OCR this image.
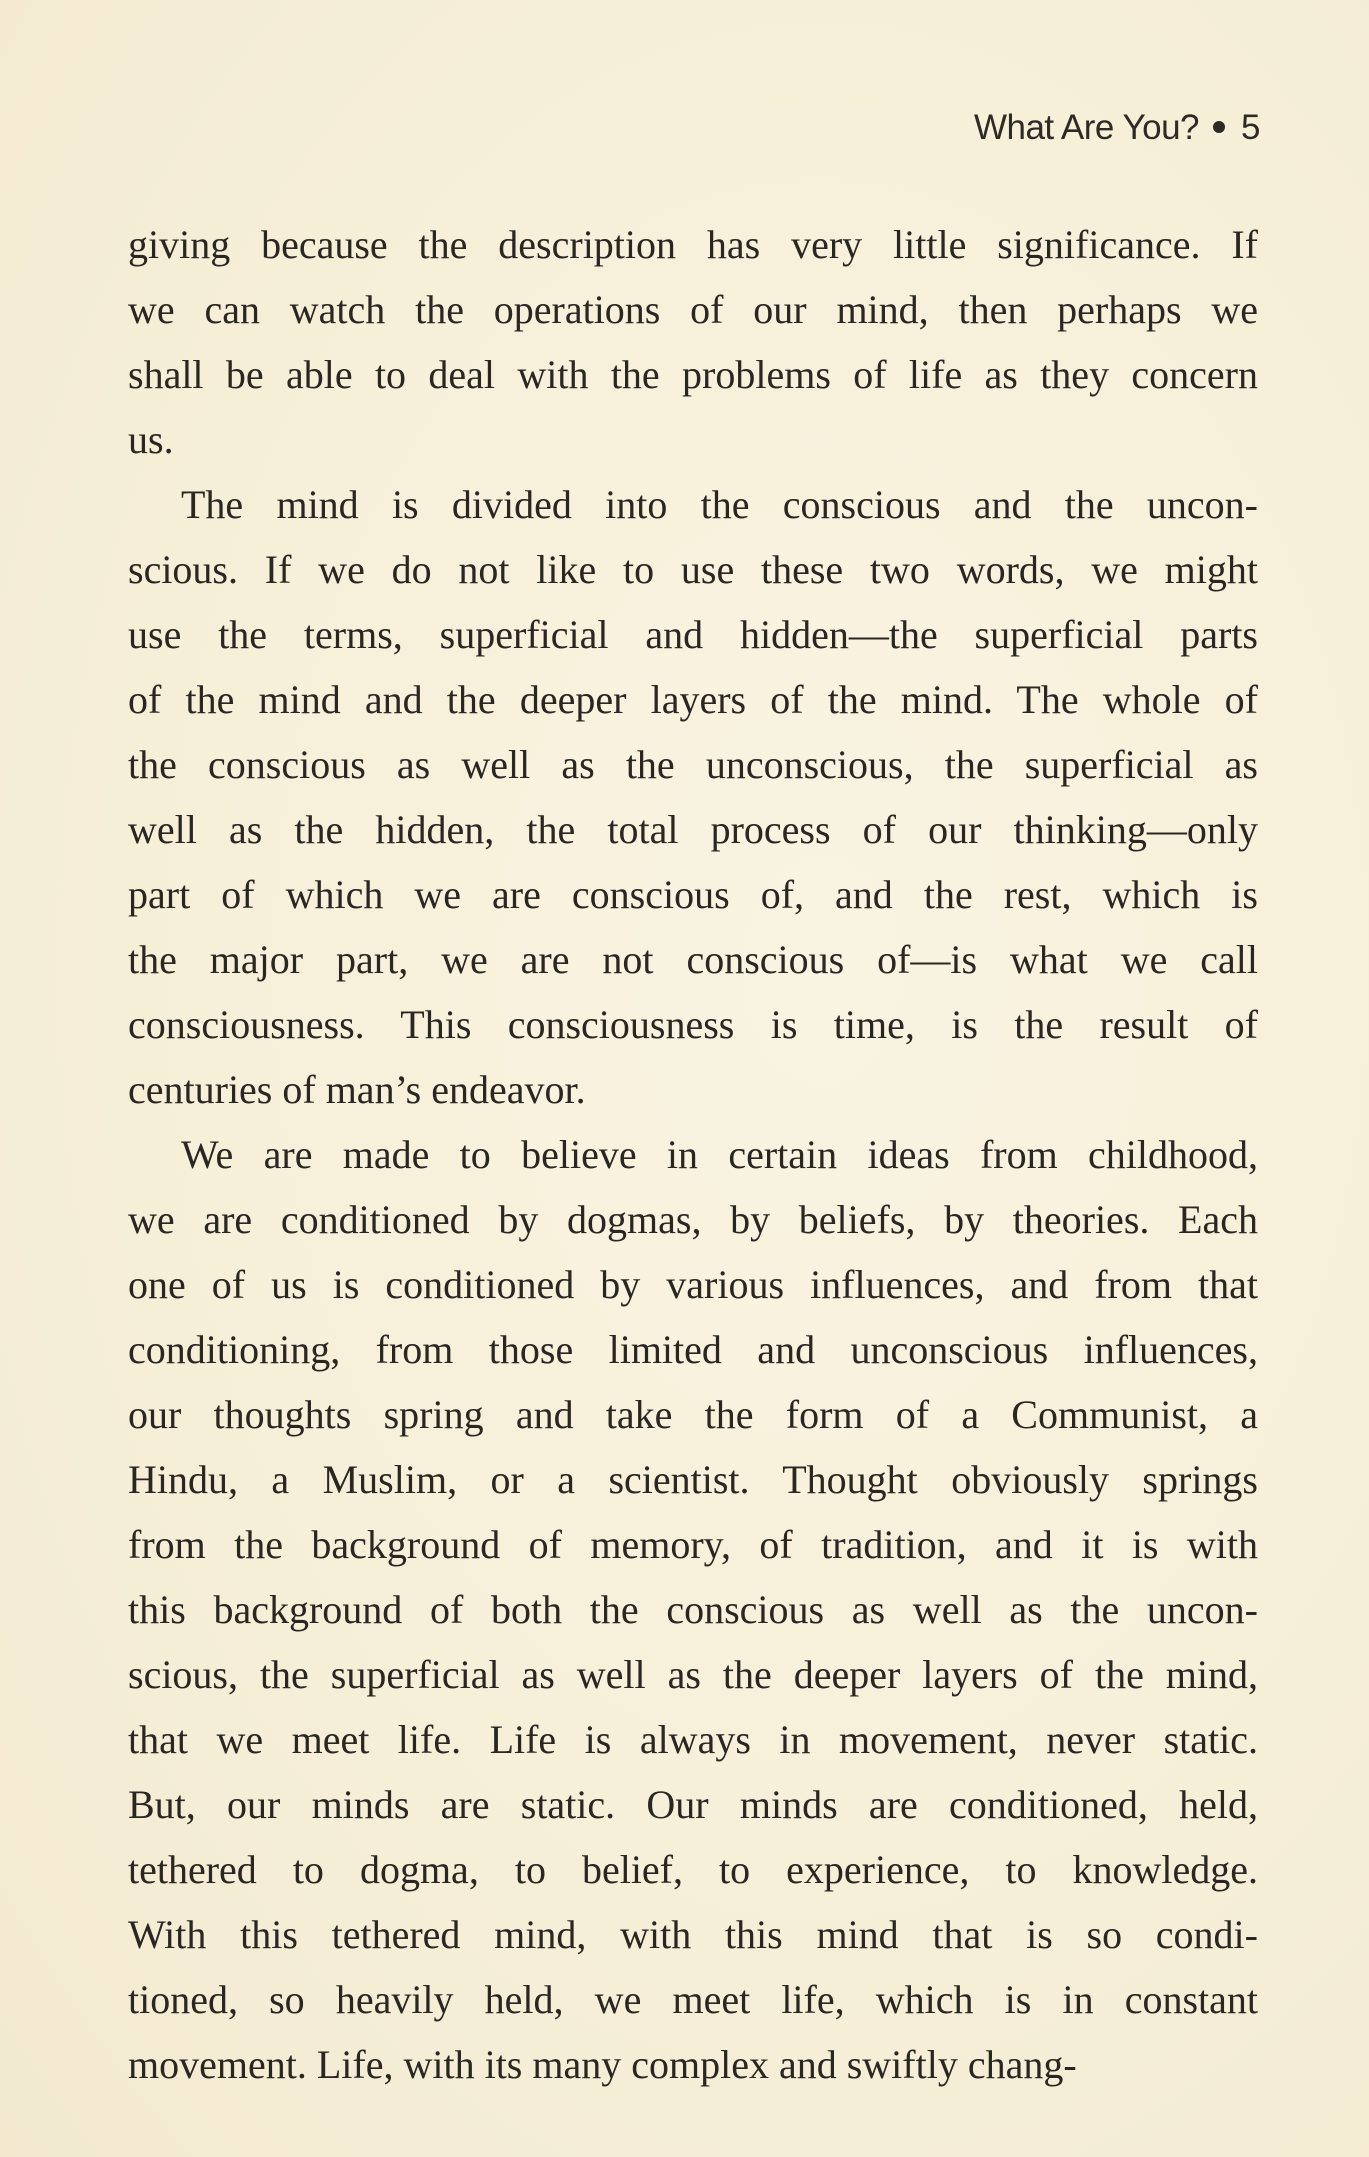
What Are You? 5
giving because the description has very little significance. If
we can watch the operations of our mind, then perhaps we
shall be able to deal with the problems of life as they concern
us.
The mind is divided into the conscious and the uncon-
scious. If we do not like to use these two words, we might
use the terms, superficial and hidden—the superficial parts
of the mind and the deeper layers of the mind. The whole of
the conscious as well as the unconscious, the superficial as
well as the hidden, the total process of our thinking—only
part of which we are conscious of, and the rest, which is
the major part, we are not conscious of—is what we call
consciousness. This consciousness is time, is the result of
centuries of man’s endeavor.
We are made to believe in certain ideas from childhood,
we are conditioned by dogmas, by beliefs, by theories. Each
one of us is conditioned by various influences, and from that
conditioning, from those limited and unconscious influences,
our thoughts spring and take the form of a Communist, a
Hindu, a Muslim, or a scientist. Thought obviously springs
from the background of memory, of tradition, and it is with
this background of both the conscious as well as the uncon-
scious, the superficial as well as the deeper layers of the mind,
that we meet life. Life is always in movement, never static.
But, our minds are static. Our minds are conditioned, held,
tethered to dogma, to belief, to experience, to knowledge.
With this tethered mind, with this mind that is so condi-
tioned, so heavily held, we meet life, which is in constant
movement. Life, with its many complex and swiftly chang-
